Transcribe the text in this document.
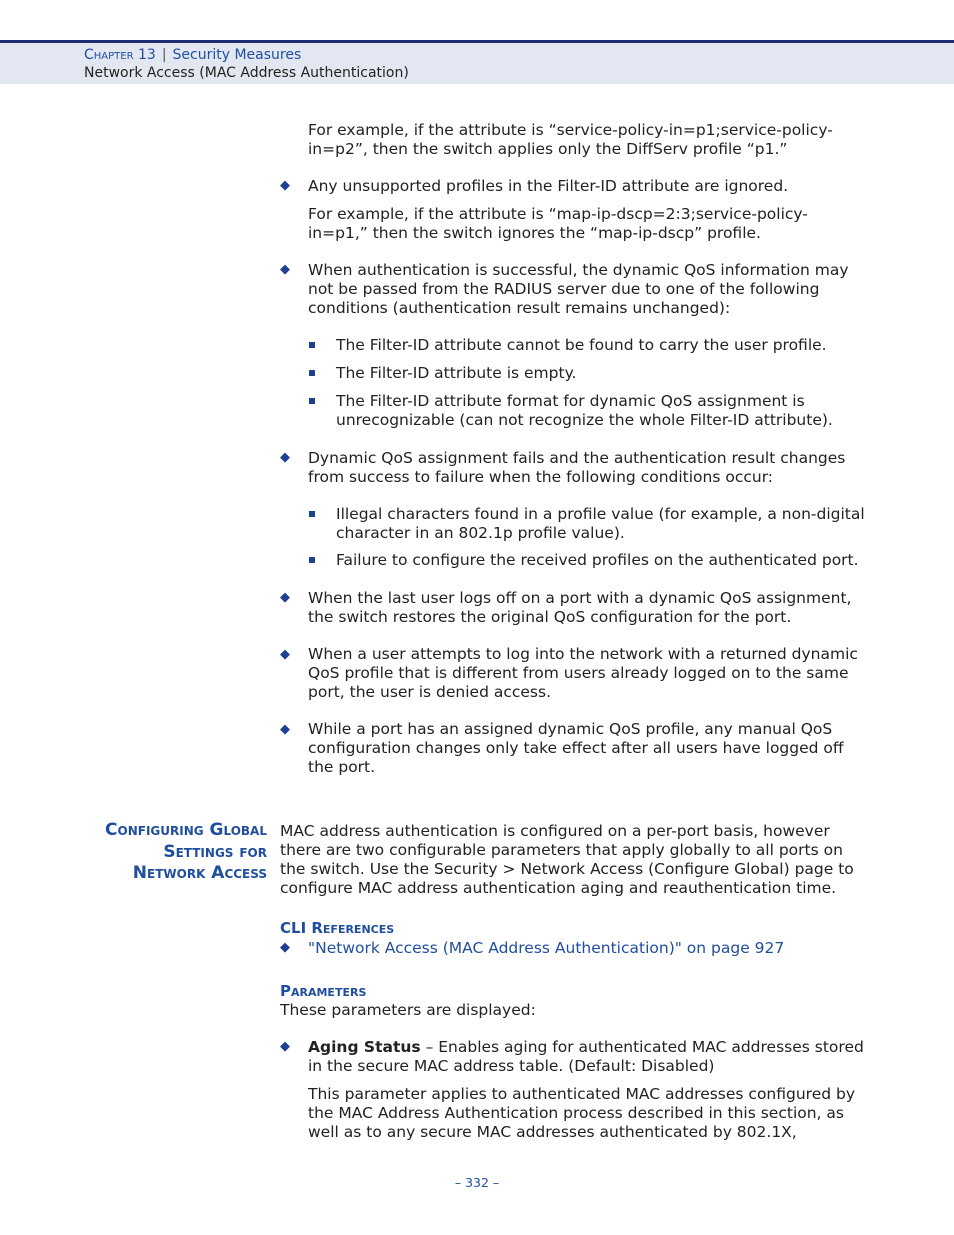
Chapter 13 | Security Measures
Network Access (MAC Address Authentication)

For example, if the attribute is “service-policy-in=p1;service-policy-in=p2”, then the switch applies only the DiffServ profile “p1.”

◆ Any unsupported profiles in the Filter-ID attribute are ignored.

For example, if the attribute is “map-ip-dscp=2:3;service-policy-in=p1,” then the switch ignores the “map-ip-dscp” profile.

◆ When authentication is successful, the dynamic QoS information may not be passed from the RADIUS server due to one of the following conditions (authentication result remains unchanged):

The Filter-ID attribute cannot be found to carry the user profile.

The Filter-ID attribute is empty.

The Filter-ID attribute format for dynamic QoS assignment is unrecognizable (can not recognize the whole Filter-ID attribute).

◆ Dynamic QoS assignment fails and the authentication result changes from success to failure when the following conditions occur:

Illegal characters found in a profile value (for example, a non-digital character in an 802.1p profile value).

Failure to configure the received profiles on the authenticated port.

◆ When the last user logs off on a port with a dynamic QoS assignment, the switch restores the original QoS configuration for the port.

◆ When a user attempts to log into the network with a returned dynamic QoS profile that is different from users already logged on to the same port, the user is denied access.

◆ While a port has an assigned dynamic QoS profile, any manual QoS configuration changes only take effect after all users have logged off the port.

Configuring Global
Settings for
Network Access

MAC address authentication is configured on a per-port basis, however there are two configurable parameters that apply globally to all ports on the switch. Use the Security > Network Access (Configure Global) page to configure MAC address authentication aging and reauthentication time.

CLI References
◆ "Network Access (MAC Address Authentication)" on page 927

Parameters

These parameters are displayed:

◆ Aging Status – Enables aging for authenticated MAC addresses stored in the secure MAC address table. (Default: Disabled)

This parameter applies to authenticated MAC addresses configured by the MAC Address Authentication process described in this section, as well as to any secure MAC addresses authenticated by 802.1X,

– 332 –
